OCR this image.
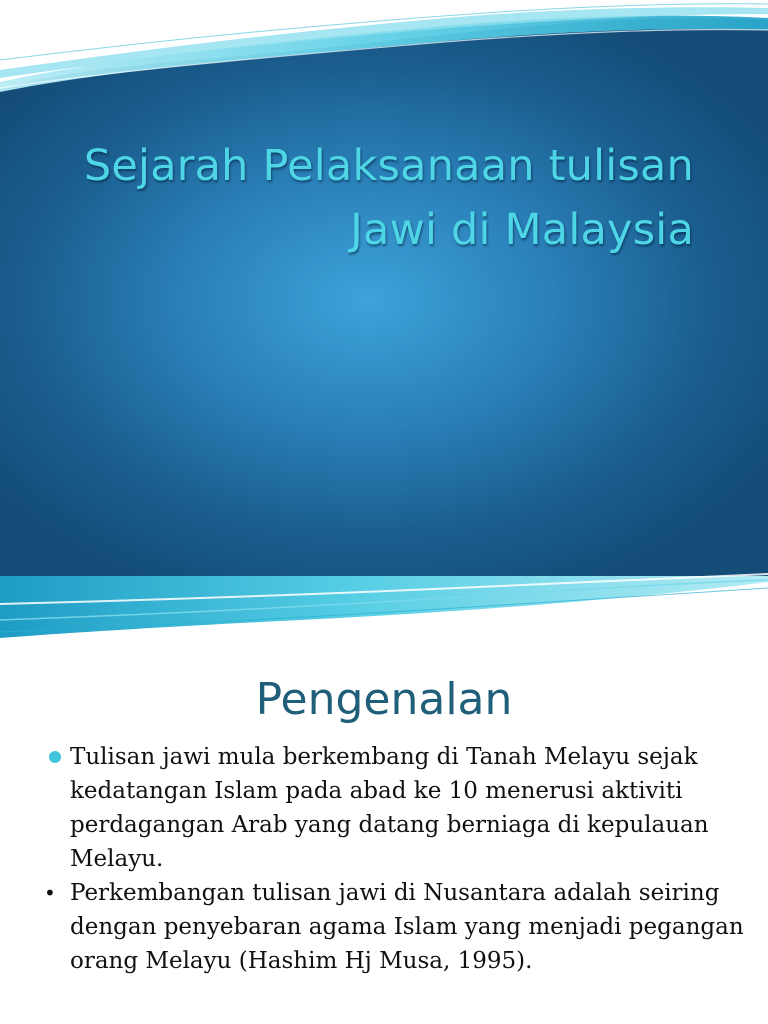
Sejarah Pelaksanaan tulisan
Jawi di Malaysia
Pengenalan

Tulisan jawi mula berkembang di Tanah Melayu sejak kedatangan Islam pada abad ke 10 menerusi aktiviti perdagangan Arab yang datang berniaga di kepulauan Melayu.

• Perkembangan tulisan jawi di Nusantara adalah seiring dengan penyebaran agama Islam yang menjadi pegangan orang Melayu (Hashim Hj Musa, 1995).
